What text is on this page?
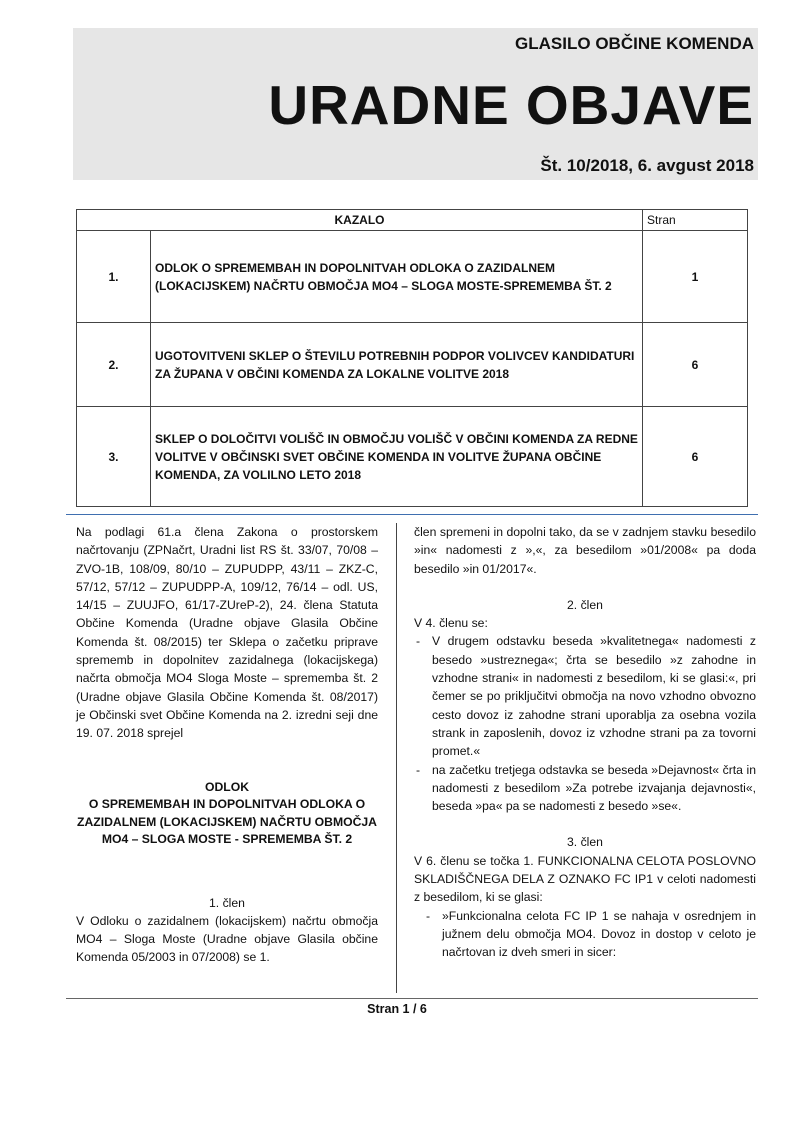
GLASILO OBČINE KOMENDA
URADNE OBJAVE
Št. 10/2018, 6. avgust 2018
KAZALO		Stran
1.	ODLOK O SPREMEMBAH IN DOPOLNITVAH ODLOKA O ZAZIDALNEM (LOKACIJSKEM) NAČRTU OBMOČJA MO4 – SLOGA MOSTE-SPREMEMBA ŠT. 2	1
2.	UGOTOVITVENI SKLEP O ŠTEVILU POTREBNIH PODPOR VOLIVCEV KANDIDATURI ZA ŽUPANA V OBČINI KOMENDA ZA LOKALNE VOLITVE 2018	6
3.	SKLEP O DOLOČITVI VOLIŠČ IN OBMOČJU VOLIŠČ V OBČINI KOMENDA ZA REDNE VOLITVE V OBČINSKI SVET OBČINE KOMENDA IN VOLITVE ŽUPANA OBČINE KOMENDA, ZA VOLILNO LETO 2018	6

Na podlagi 61.a člena Zakona o prostorskem načrtovanju (ZPNačrt, Uradni list RS št. 33/07, 70/08 – ZVO-1B, 108/09, 80/10 – ZUPUDPP, 43/11 – ZKZ-C, 57/12, 57/12 – ZUPUDPP-A, 109/12, 76/14 – odl. US, 14/15 – ZUUJFO, 61/17-ZUreP-2), 24. člena Statuta Občine Komenda (Uradne objave Glasila Občine Komenda št. 08/2015) ter Sklepa o začetku priprave sprememb in dopolnitev zazidalnega (lokacijskega) načrta območja MO4 Sloga Moste – sprememba št. 2 (Uradne objave Glasila Občine Komenda št. 08/2017) je Občinski svet Občine Komenda na 2. izredni seji dne 19. 07. 2018 sprejel

ODLOK

O SPREMEMBAH IN DOPOLNITVAH ODLOKA O ZAZIDALNEM (LOKACIJSKEM) NAČRTU OBMOČJA MO4 – SLOGA MOSTE - SPREMEMBA ŠT. 2

1. člen

V Odloku o zazidalnem (lokacijskem) načrtu območja MO4 – Sloga Moste (Uradne objave Glasila občine Komenda 05/2003 in 07/2008) se 1.

člen spremeni in dopolni tako, da se v zadnjem stavku besedilo »in« nadomesti z »,«, za besedilom »01/2008« pa doda besedilo »in 01/2017«.

2. člen

V 4. členu se:

- V drugem odstavku beseda »kvalitetnega« nadomesti z besedo »ustreznega«; črta se besedilo »z zahodne in vzhodne strani« in nadomesti z besedilom, ki se glasi:«, pri čemer se po priključitvi območja na novo vzhodno obvozno cesto dovoz iz zahodne strani uporablja za osebna vozila strank in zaposlenih, dovoz iz vzhodne strani pa za tovorni promet.«
- na začetku tretjega odstavka se beseda »Dejavnost« črta in nadomesti z besedilom »Za potrebe izvajanja dejavnosti«, beseda »pa« pa se nadomesti z besedo »se«.

3. člen

V 6. členu se točka 1. FUNKCIONALNA CELOTA POSLOVNO SKLADIŠČNEGA DELA Z OZNAKO FC IP1 v celoti nadomesti z besedilom, ki se glasi:

- »Funkcionalna celota FC IP 1 se nahaja v osrednjem in južnem delu območja MO4. Dovoz in dostop v celoto je načrtovan iz dveh smeri in sicer:
Stran 1 / 6
